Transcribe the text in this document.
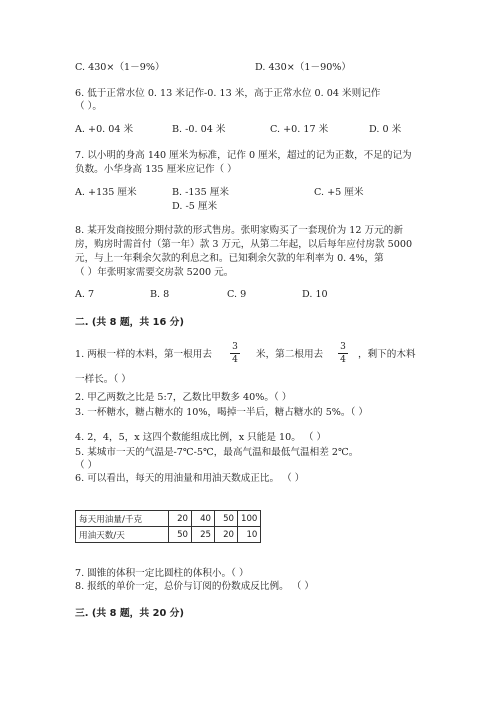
C. 430×（1－9%）	D. 430×（1－90%）
6. 低于正常水位 0. 13 米记作-0. 13 米，高于正常水位 0. 04 米则记作
（ ）。
A. +0. 04 米	B. -0. 04 米	C. +0. 17 米	D. 0 米
7. 以小明的身高 140 厘米为标准，记作 0 厘米，超过的记为正数，不足的记为
负数。小华身高 135 厘米应记作（ ）
A. +135 厘米	B. -135 厘米	C. +5 厘米
D. -5 厘米
8. 某开发商按照分期付款的形式售房。张明家购买了一套现价为 12 万元的新
房，购房时需首付（第一年）款 3 万元，从第二年起，以后每年应付房款 5000
元，与上一年剩余欠款的利息之和。已知剩余欠款的年利率为 0. 4%，第
（ ）年张明家需要交房款 5200 元。
A. 7	B. 8	C. 9	D. 10
二. (共 8 题，共 16 分)
1. 两根一样的木料，第一根用去
3
4 米，第二根用去
3
4 ，剩下的木料
一样长。（ ）
2. 甲乙两数之比是 5:7，乙数比甲数多 40%。（ ）
3. 一杯糖水，糖占糖水的 10%，喝掉一半后，糖占糖水的 5%。（ ）
4. 2，4，5，x 这四个数能组成比例，x 只能是 10。 （ ）
5. 某城市一天的气温是-7℃-5℃，最高气温和最低气温相差 2℃。
（ ）
6. 可以看出，每天的用油量和用油天数成正比。 （ ）
每天用油量/千克	20	40	50	100
用油天数/天	50	25	20	10
7. 圆锥的体积一定比圆柱的体积小。（ ）
8. 报纸的单价一定，总价与订阅的份数成反比例。 （ ）
三. (共 8 题，共 20 分)
